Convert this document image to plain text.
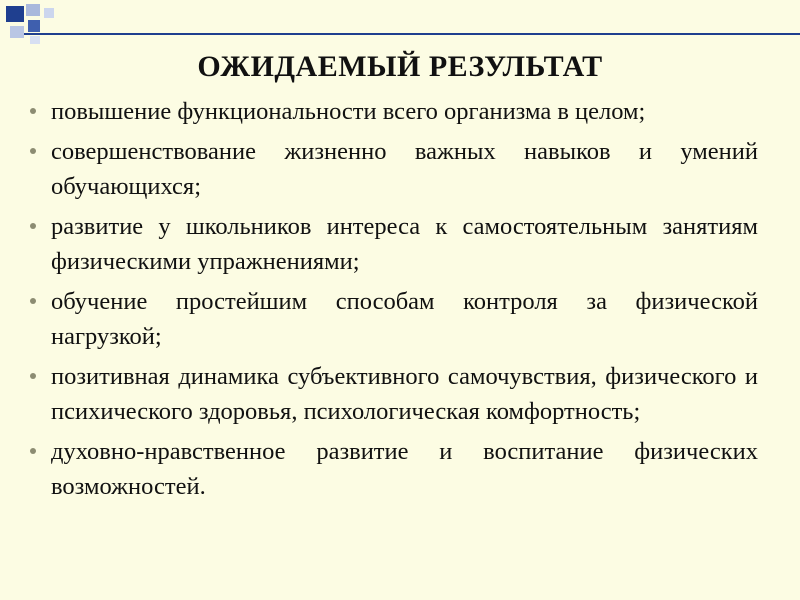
ОЖИДАЕМЫЙ РЕЗУЛЬТАТ
повышение функциональности всего организма в целом;
совершенствование жизненно важных навыков и умений обучающихся;
развитие у школьников интереса к самостоятельным занятиям физическими упражнениями;
обучение простейшим способам контроля за физической нагрузкой;
позитивная динамика субъективного самочувствия, физического и психического здоровья, психологическая комфортность;
духовно-нравственное развитие и воспитание физических возможностей.
